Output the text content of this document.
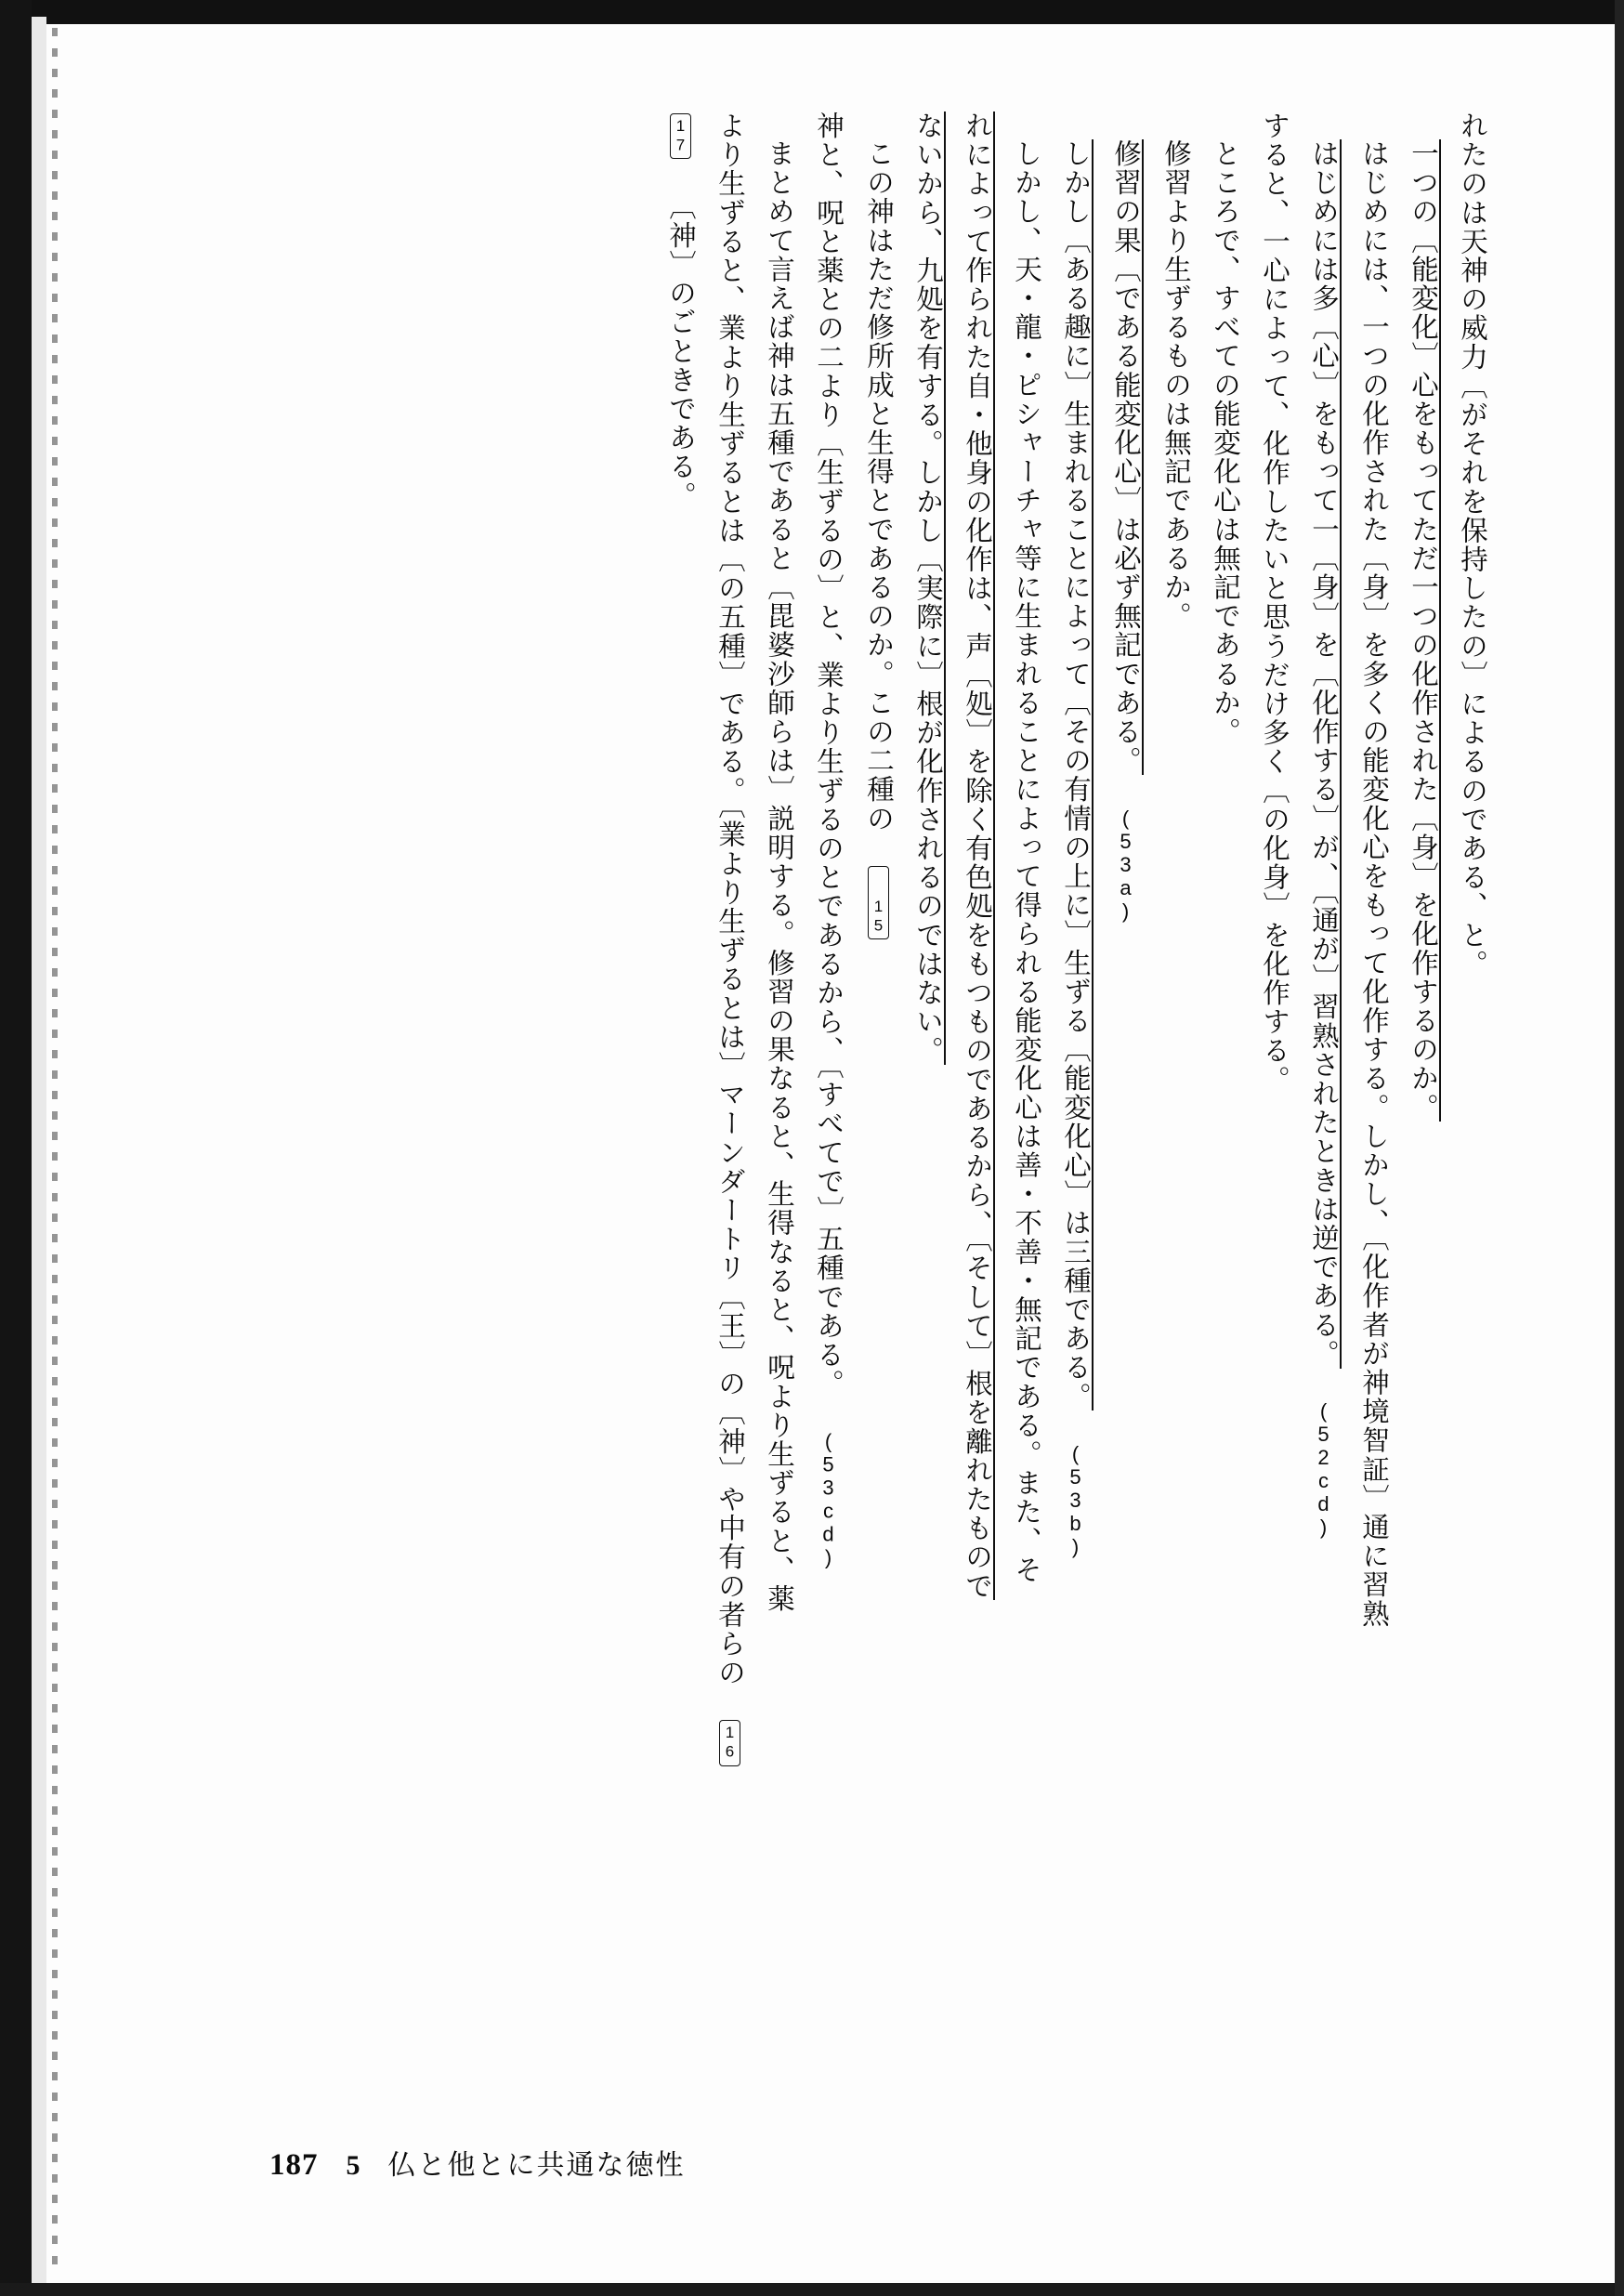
れたのは天神の威力〔がそれを保持したの〕によるのである、と。

一つの〔能変化〕心をもってただ一つの化作された〔身〕を化作するのか。

はじめには、一つの化作された〔身〕を多くの能変化心をもって化作する。しかし、〔化作者が神境智証〕通に習熟

はじめには多〔心〕をもって一〔身〕を〔化作する〕が、〔通が〕習熟されたときは逆である。 (52cd)

すると、一心によって、化作したいと思うだけ多く〔の化身〕を化作する。

ところで、すべての能変化心は無記であるか。

修習より生ずるものは無記であるか。

修習の果〔である能変化心〕は必ず無記である。 (53a)

しかし〔ある趣に〕生まれることによって〔その有情の上に〕生ずる〔能変化心〕は三種である。 (53b)

しかし、天・龍・ピシャーチャ等に生まれることによって得られる能変化心は善・不善・無記である。また、そ

れによって作られた自・他身の化作は、声〔処〕を除く有色処をもつものであるから、〔そして〕根を離れたもので

ないから、九処を有する。しかし〔実際に〕根が化作されるのではない。

この神はただ修所成と生得とであるのか。この二種の 15

神と、呪と薬との二より〔生ずるの〕と、業より生ずるのとであるから、〔すべてで〕五種である。 (53cd)

まとめて言えば神は五種であると〔毘婆沙師らは〕説明する。修習の果なると、生得なると、呪より生ずると、薬

より生ずると、業より生ずるとは〔の五種〕である。〔業より生ずるとは〕マーンダートリ〔王〕の〔神〕や中有の者らの 16

17 〔神〕のごときである。

187 5 仏と他とに共通な徳性
